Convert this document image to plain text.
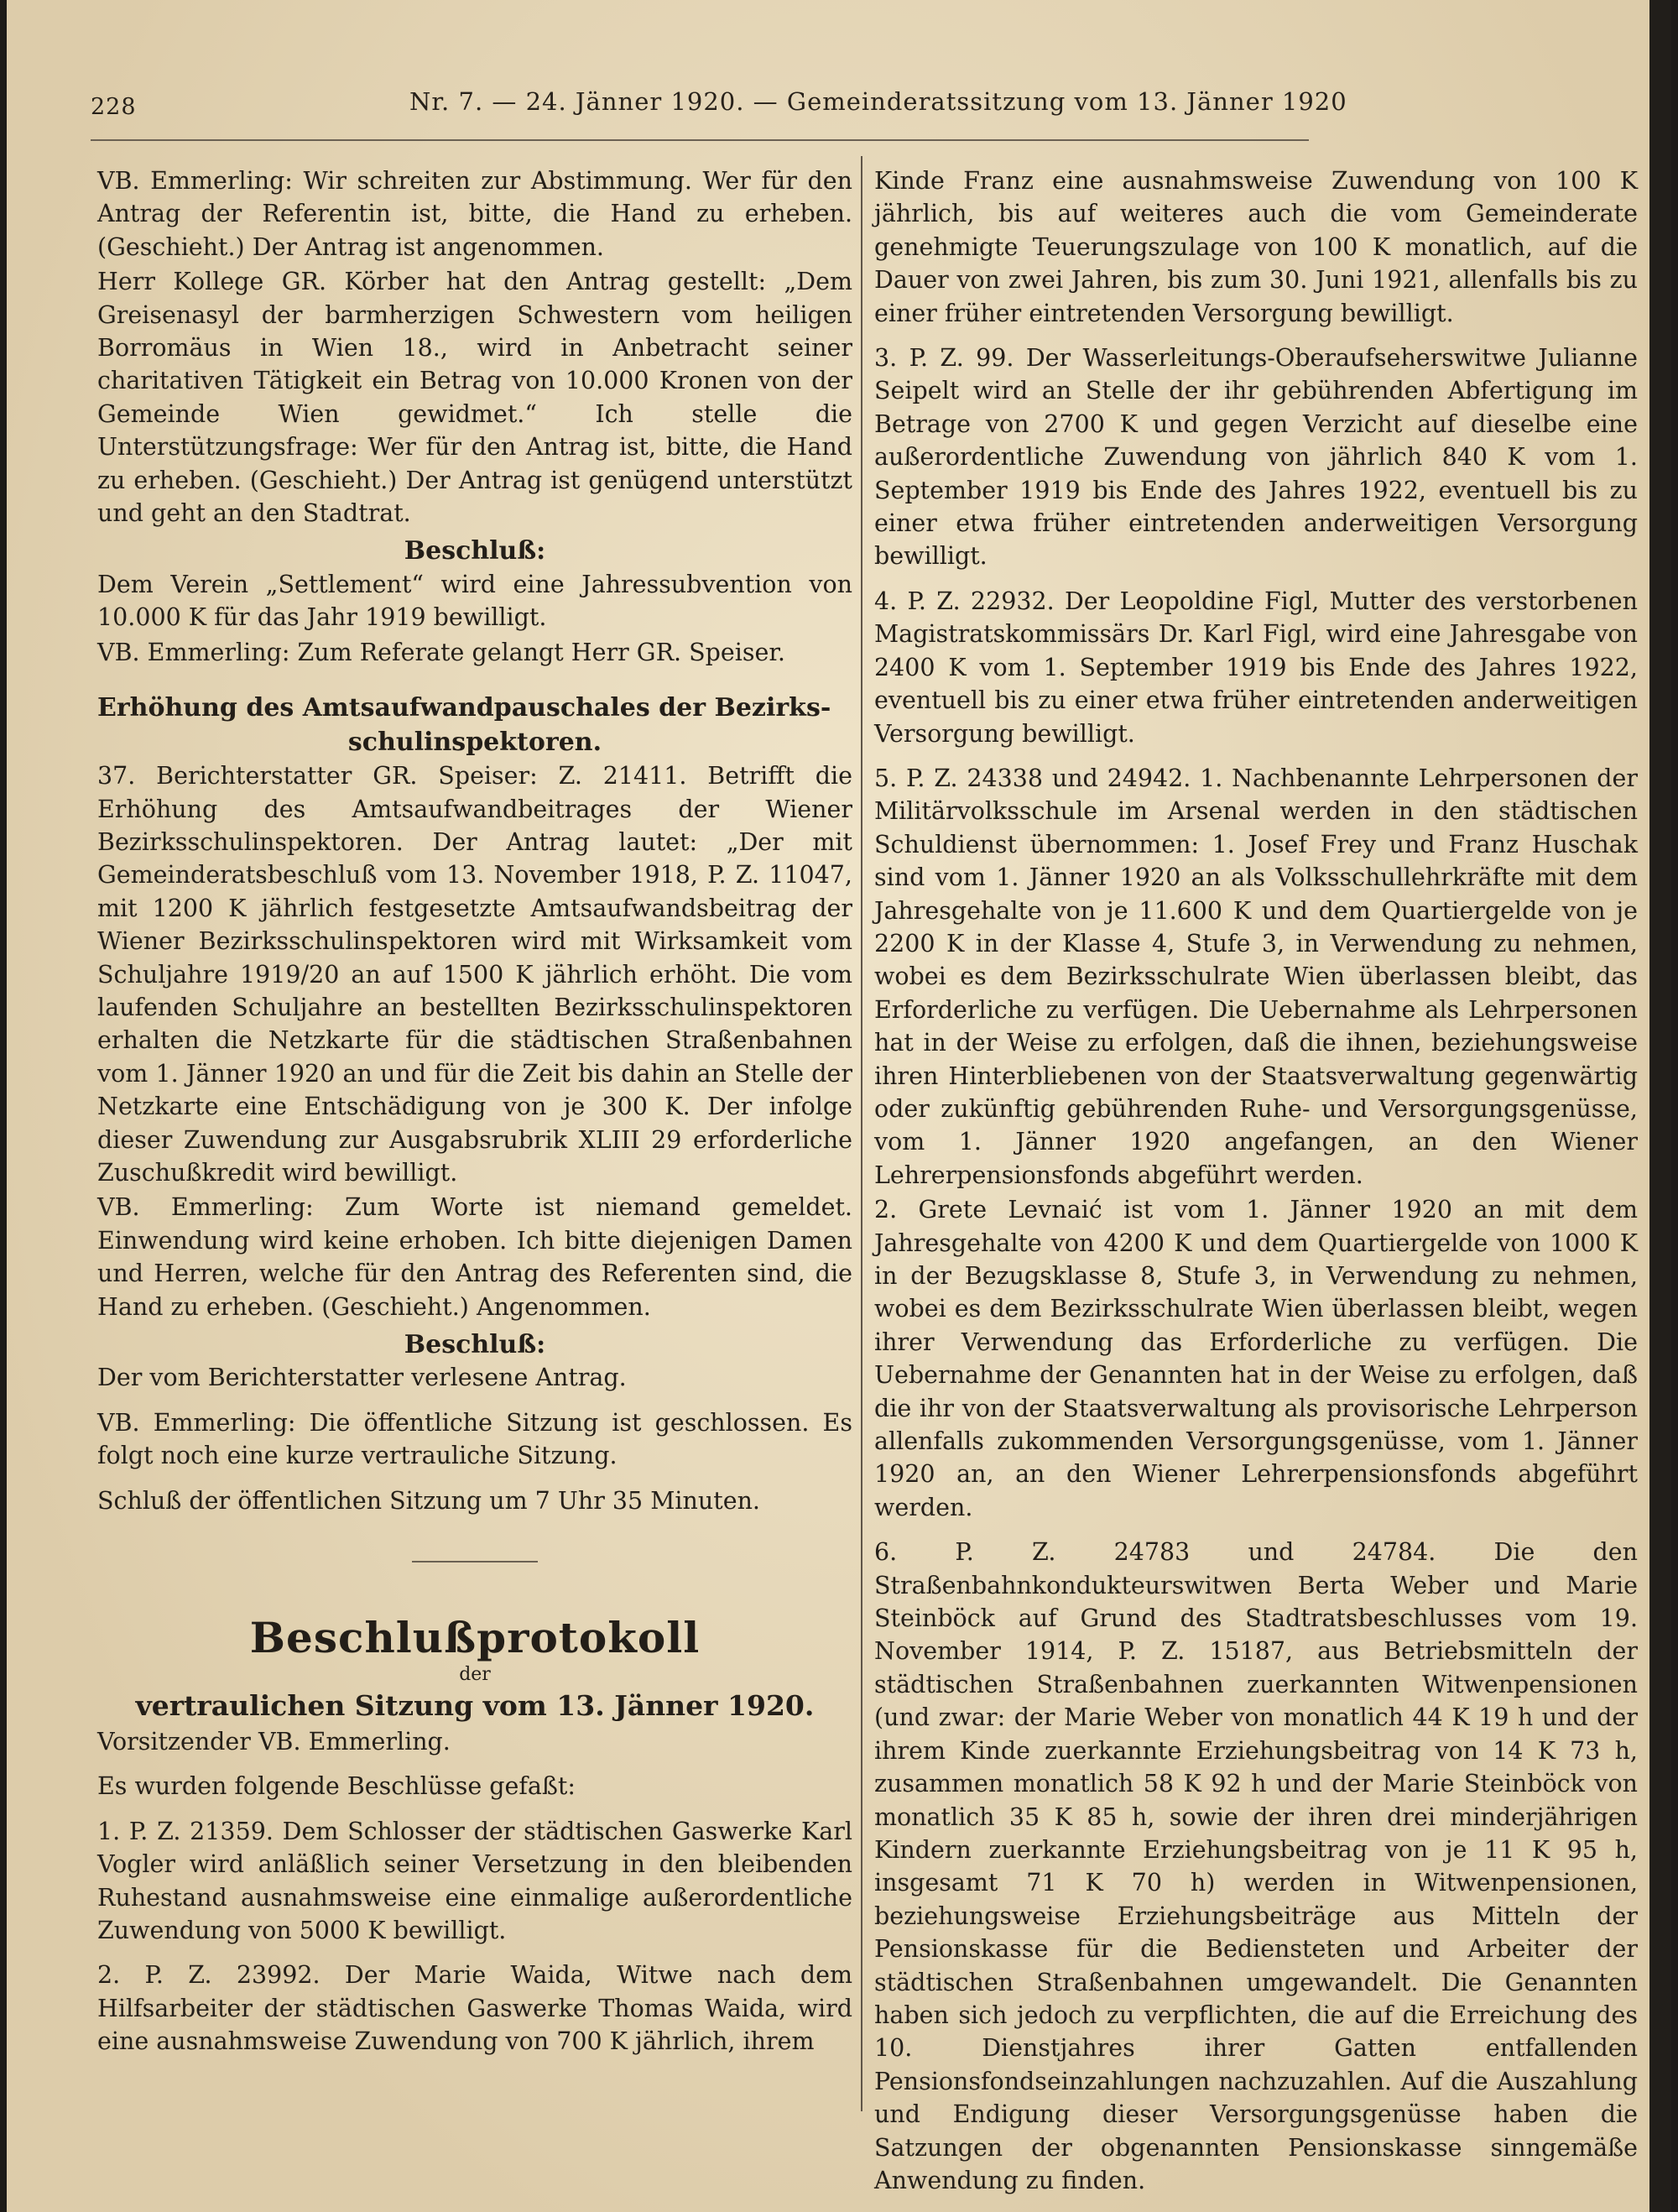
228	Nr. 7. — 24. Jänner 1920. — Gemeinderatssitzung vom 13. Jänner 1920

VB. Emmerling: Wir schreiten zur Abstimmung. Wer für den Antrag der Referentin ist, bitte, die Hand zu erheben. (Geschieht.) Der Antrag ist angenommen.

Herr Kollege GR. Körber hat den Antrag gestellt: „Dem Greisenasyl der barmherzigen Schwestern vom heiligen Borromäus in Wien 18., wird in Anbetracht seiner charitativen Tätigkeit ein Betrag von 10.000 Kronen von der Gemeinde Wien gewidmet.“ Ich stelle die Unterstützungsfrage: Wer für den Antrag ist, bitte, die Hand zu erheben. (Geschieht.) Der Antrag ist genügend unterstützt und geht an den Stadtrat.

Beschluß:

Dem Verein „Settlement“ wird eine Jahressubvention von 10.000 K für das Jahr 1919 bewilligt.

VB. Emmerling: Zum Referate gelangt Herr GR. Speiser.

Erhöhung des Amtsaufwandpauschales der Bezirks-
schulinspektoren.

37. Berichterstatter GR. Speiser: Z. 21411. Betrifft die Erhöhung des Amtsaufwandbeitrages der Wiener Bezirksschulinspektoren. Der Antrag lautet: „Der mit Gemeinderatsbeschluß vom 13. November 1918, P. Z. 11047, mit 1200 K jährlich festgesetzte Amtsaufwandsbeitrag der Wiener Bezirksschulinspektoren wird mit Wirksamkeit vom Schuljahre 1919/20 an auf 1500 K jährlich erhöht. Die vom laufenden Schuljahre an bestellten Bezirksschulinspektoren erhalten die Netzkarte für die städtischen Straßenbahnen vom 1. Jänner 1920 an und für die Zeit bis dahin an Stelle der Netzkarte eine Entschädigung von je 300 K. Der infolge dieser Zuwendung zur Ausgabsrubrik XLIII 29 erforderliche Zuschußkredit wird bewilligt.

VB. Emmerling: Zum Worte ist niemand gemeldet. Einwendung wird keine erhoben. Ich bitte diejenigen Damen und Herren, welche für den Antrag des Referenten sind, die Hand zu erheben. (Geschieht.) Angenommen.

Beschluß:

Der vom Berichterstatter verlesene Antrag.

VB. Emmerling: Die öffentliche Sitzung ist geschlossen. Es folgt noch eine kurze vertrauliche Sitzung.

Schluß der öffentlichen Sitzung um 7 Uhr 35 Minuten.

Beschlußprotokoll
der
vertraulichen Sitzung vom 13. Jänner 1920.

Vorsitzender VB. Emmerling.

Es wurden folgende Beschlüsse gefaßt:

1. P. Z. 21359. Dem Schlosser der städtischen Gaswerke Karl Vogler wird anläßlich seiner Versetzung in den bleibenden Ruhestand ausnahmsweise eine einmalige außerordentliche Zuwendung von 5000 K bewilligt.

2. P. Z. 23992. Der Marie Waida, Witwe nach dem Hilfsarbeiter der städtischen Gaswerke Thomas Waida, wird eine ausnahmsweise Zuwendung von 700 K jährlich, ihrem

Kinde Franz eine ausnahmsweise Zuwendung von 100 K jährlich, bis auf weiteres auch die vom Gemeinderate genehmigte Teuerungszulage von 100 K monatlich, auf die Dauer von zwei Jahren, bis zum 30. Juni 1921, allenfalls bis zu einer früher eintretenden Versorgung bewilligt.

3. P. Z. 99. Der Wasserleitungs-Oberaufseherswitwe Julianne Seipelt wird an Stelle der ihr gebührenden Abfertigung im Betrage von 2700 K und gegen Verzicht auf dieselbe eine außerordentliche Zuwendung von jährlich 840 K vom 1. September 1919 bis Ende des Jahres 1922, eventuell bis zu einer etwa früher eintretenden anderweitigen Versorgung bewilligt.

4. P. Z. 22932. Der Leopoldine Figl, Mutter des verstorbenen Magistratskommissärs Dr. Karl Figl, wird eine Jahresgabe von 2400 K vom 1. September 1919 bis Ende des Jahres 1922, eventuell bis zu einer etwa früher eintretenden anderweitigen Versorgung bewilligt.

5. P. Z. 24338 und 24942. 1. Nachbenannte Lehrpersonen der Militärvolksschule im Arsenal werden in den städtischen Schuldienst übernommen: 1. Josef Frey und Franz Huschak sind vom 1. Jänner 1920 an als Volksschullehrkräfte mit dem Jahresgehalte von je 11.600 K und dem Quartiergelde von je 2200 K in der Klasse 4, Stufe 3, in Verwendung zu nehmen, wobei es dem Bezirksschulrate Wien überlassen bleibt, das Erforderliche zu verfügen. Die Uebernahme als Lehrpersonen hat in der Weise zu erfolgen, daß die ihnen, beziehungsweise ihren Hinterbliebenen von der Staatsverwaltung gegenwärtig oder zukünftig gebührenden Ruhe- und Versorgungsgenüsse, vom 1. Jänner 1920 angefangen, an den Wiener Lehrerpensionsfonds abgeführt werden.

2. Grete Levnaić ist vom 1. Jänner 1920 an mit dem Jahresgehalte von 4200 K und dem Quartiergelde von 1000 K in der Bezugsklasse 8, Stufe 3, in Verwendung zu nehmen, wobei es dem Bezirksschulrate Wien überlassen bleibt, wegen ihrer Verwendung das Erforderliche zu verfügen. Die Uebernahme der Genannten hat in der Weise zu erfolgen, daß die ihr von der Staatsverwaltung als provisorische Lehrperson allenfalls zukommenden Versorgungsgenüsse, vom 1. Jänner 1920 an, an den Wiener Lehrerpensionsfonds abgeführt werden.

6. P. Z. 24783 und 24784. Die den Straßenbahnkondukteurswitwen Berta Weber und Marie Steinböck auf Grund des Stadtratsbeschlusses vom 19. November 1914, P. Z. 15187, aus Betriebsmitteln der städtischen Straßenbahnen zuerkannten Witwenpensionen (und zwar: der Marie Weber von monatlich 44 K 19 h und der ihrem Kinde zuerkannte Erziehungsbeitrag von 14 K 73 h, zusammen monatlich 58 K 92 h und der Marie Steinböck von monatlich 35 K 85 h, sowie der ihren drei minderjährigen Kindern zuerkannte Erziehungsbeitrag von je 11 K 95 h, insgesamt 71 K 70 h) werden in Witwenpensionen, beziehungsweise Erziehungsbeiträge aus Mitteln der Pensionskasse für die Bediensteten und Arbeiter der städtischen Straßenbahnen umgewandelt. Die Genannten haben sich jedoch zu verpflichten, die auf die Erreichung des 10. Dienstjahres ihrer Gatten entfallenden Pensionsfondseinzahlungen nachzuzahlen. Auf die Auszahlung und Endigung dieser Versorgungsgenüsse haben die Satzungen der obgenannten Pensionskasse sinngemäße Anwendung zu finden.
